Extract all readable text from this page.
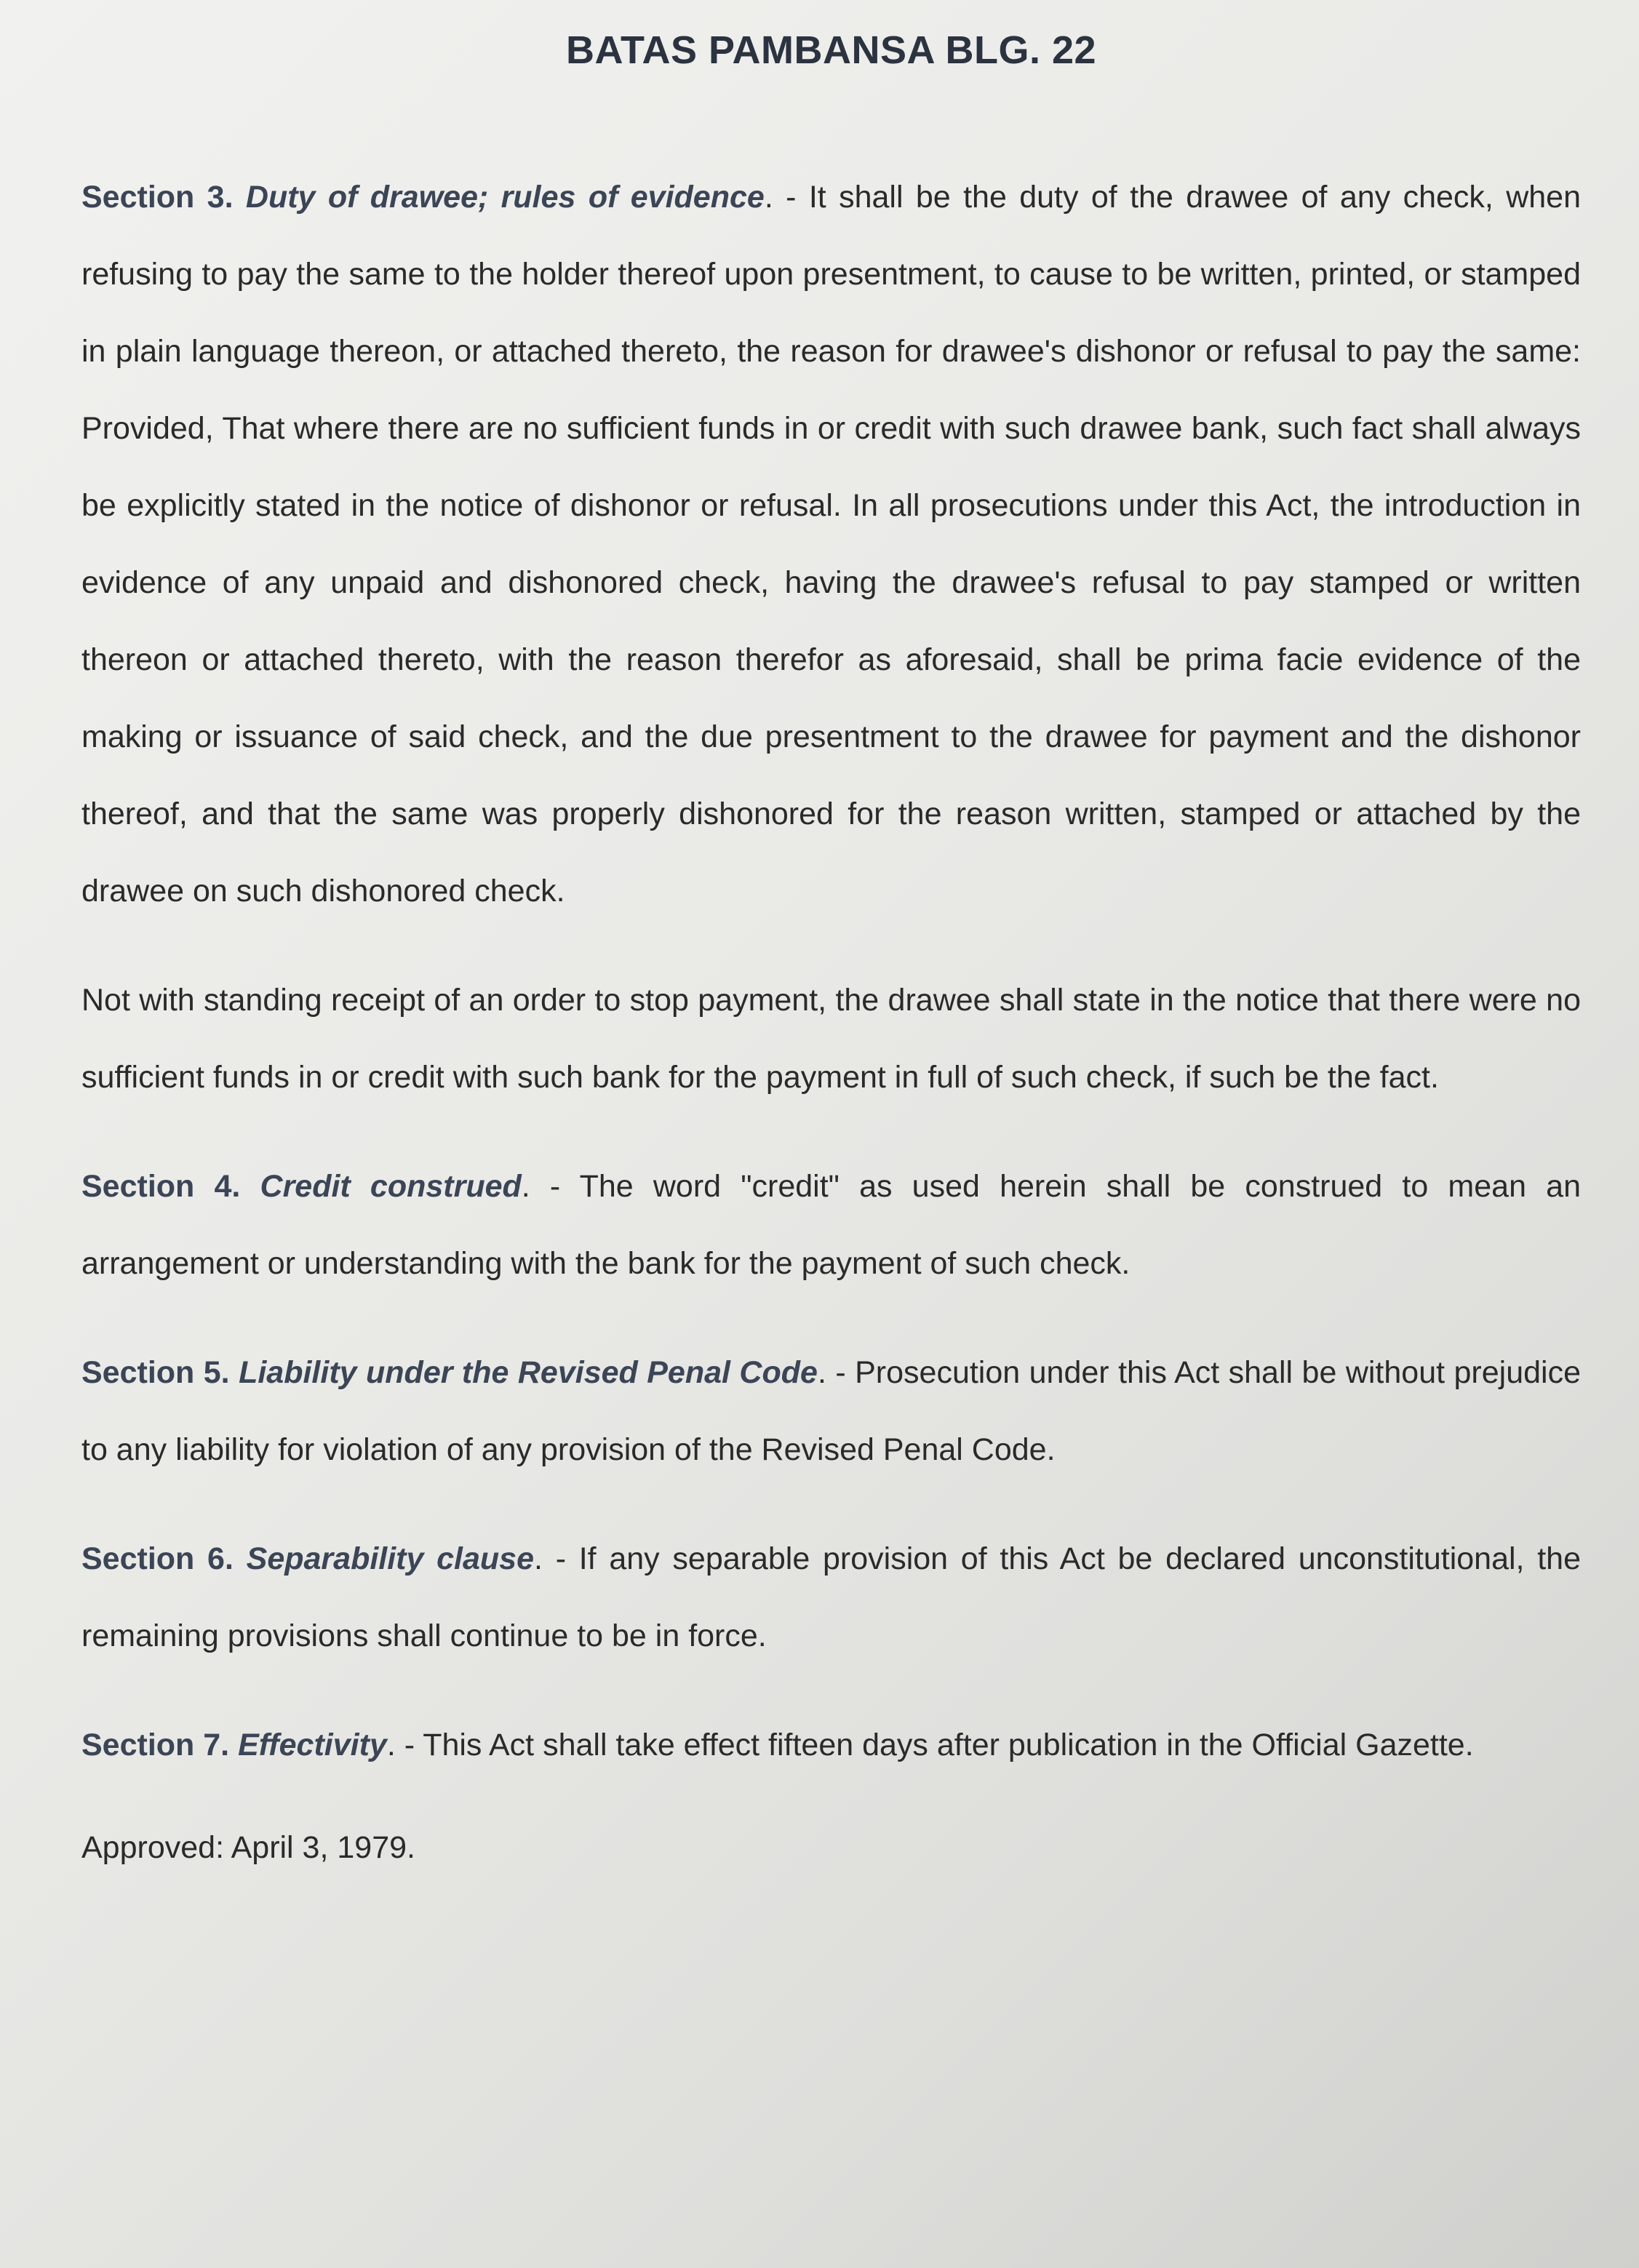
BATAS PAMBANSA BLG. 22

Section 3. Duty of drawee; rules of evidence. - It shall be the duty of the drawee of any check, when refusing to pay the same to the holder thereof upon presentment, to cause to be written, printed, or stamped in plain language thereon, or attached thereto, the reason for drawee's dishonor or refusal to pay the same: Provided, That where there are no sufficient funds in or credit with such drawee bank, such fact shall always be explicitly stated in the notice of dishonor or refusal. In all prosecutions under this Act, the introduction in evidence of any unpaid and dishonored check, having the drawee's refusal to pay stamped or written thereon or attached thereto, with the reason therefor as aforesaid, shall be prima facie evidence of the making or issuance of said check, and the due presentment to the drawee for payment and the dishonor thereof, and that the same was properly dishonored for the reason written, stamped or attached by the drawee on such dishonored check.

Not with standing receipt of an order to stop payment, the drawee shall state in the notice that there were no sufficient funds in or credit with such bank for the payment in full of such check, if such be the fact.

Section 4. Credit construed. - The word "credit" as used herein shall be construed to mean an arrangement or understanding with the bank for the payment of such check.

Section 5. Liability under the Revised Penal Code. - Prosecution under this Act shall be without prejudice to any liability for violation of any provision of the Revised Penal Code.

Section 6. Separability clause. - If any separable provision of this Act be declared unconstitutional, the remaining provisions shall continue to be in force.

Section 7. Effectivity. - This Act shall take effect fifteen days after publication in the Official Gazette.

Approved: April 3, 1979.
